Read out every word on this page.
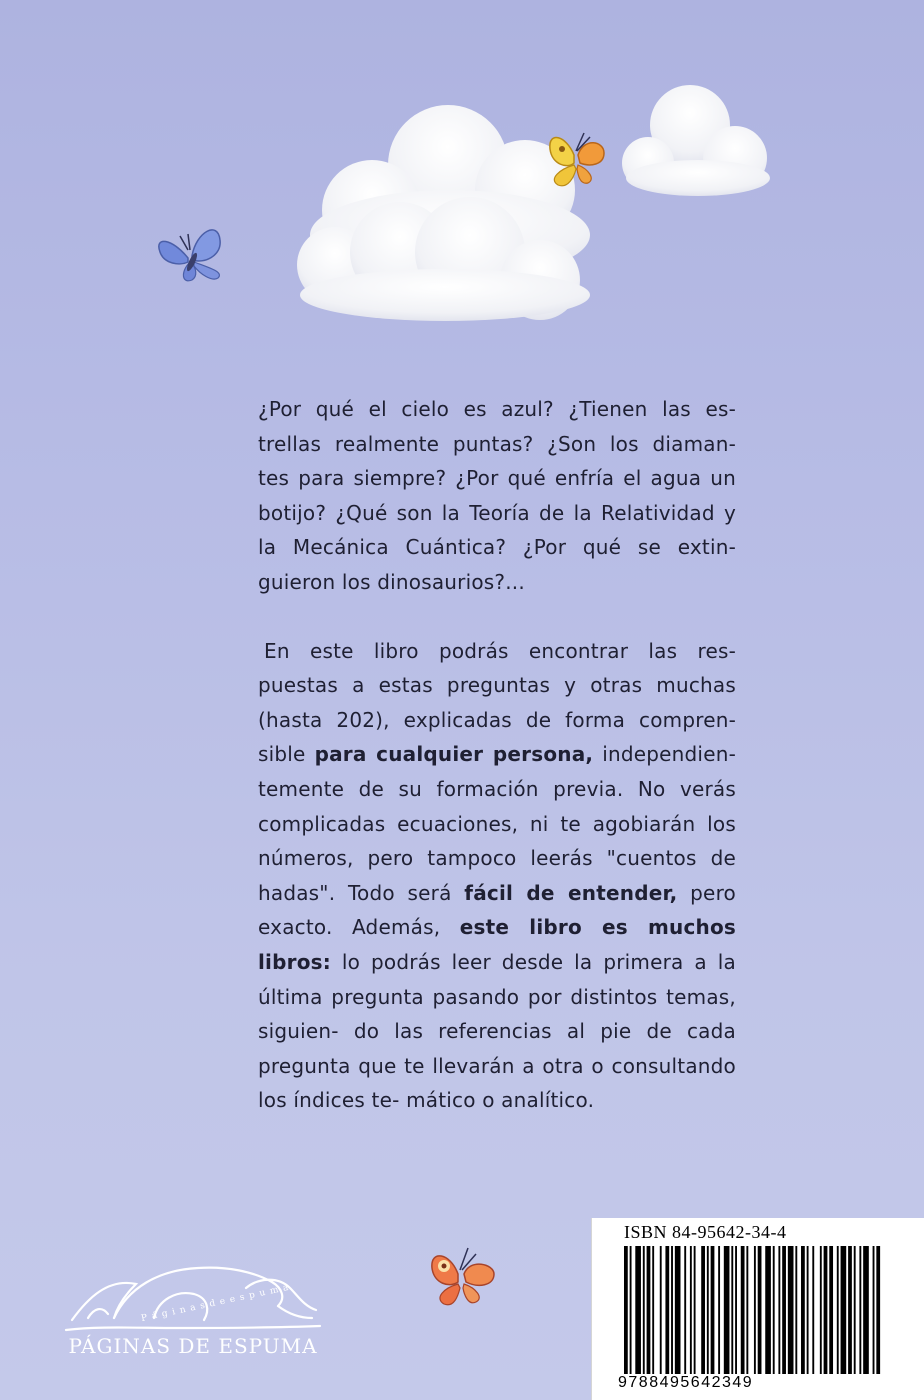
¿Por qué el cielo es azul? ¿Tienen las es- trellas realmente puntas? ¿Son los diaman- tes para siempre? ¿Por qué enfría el agua un botijo? ¿Qué son la Teoría de la Relatividad y la Mecánica Cuántica? ¿Por qué se extin- guieron los dinosaurios?...

En este libro podrás encontrar las res- puestas a estas preguntas y otras muchas (hasta 202), explicadas de forma compren- sible para cualquier persona, independien- temente de su formación previa. No verás complicadas ecuaciones, ni te agobiarán los números, pero tampoco leerás "cuentos de hadas". Todo será fácil de entender, pero exacto. Además, este libro es muchos libros: lo podrás leer desde la primera a la última pregunta pasando por distintos temas, siguien- do las referencias al pie de cada pregunta que te llevarán a otra o consultando los índices te- mático o analítico.

P á g i n a s d e e s p u m a
PÁGINAS DE ESPUMA
ISBN 84-95642-34-4
9788495642349
